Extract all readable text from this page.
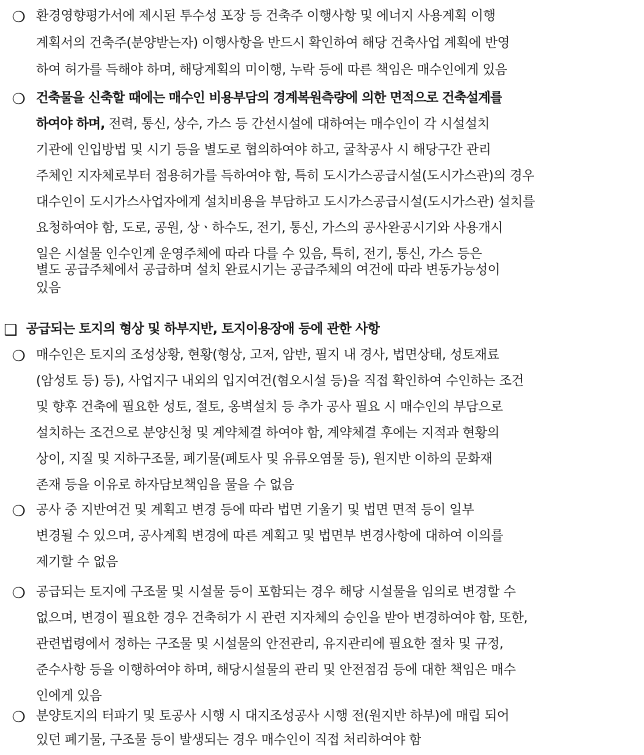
❍ 환경영향평가서에 제시된 투수성 포장 등 건축주 이행사항 및 에너지 사용계획 이행
계획서의 건축주(분양받는자) 이행사항을 반드시 확인하여 해당 건축사업 계획에 반영
하여 허가를 득해야 하며, 해당계획의 미이행, 누락 등에 따른 책임은 매수인에게 있음
❍ 건축물을 신축할 때에는 매수인 비용부담의 경계복원측량에 의한 면적으로 건축설계를
하여야 하며, 전력, 통신, 상수, 가스 등 간선시설에 대하여는 매수인이 각 시설설치
기관에 인입방법 및 시기 등을 별도로 협의하여야 하고, 굴착공사 시 해당구간 관리
주체인 지자체로부터 점용허가를 득하여야 함, 특히 도시가스공급시설(도시가스관)의 경우
대수인이 도시가스사업자에게 설치비용을 부담하고 도시가스공급시설(도시가스관) 설치를
요청하여야 함, 도로, 공원, 상ㆍ하수도, 전기, 통신, 가스의 공사완공시기와 사용개시
일은 시설물 인수인계 운영주체에 따라 다를 수 있음, 특히, 전기, 통신, 가스 등은
별도 공급주체에서 공급하며 설치 완료시기는 공급주체의 여건에 따라 변동가능성이
있음
❑ 공급되는 토지의 형상 및 하부지반, 토지이용장애 등에 관한 사항
❍ 매수인은 토지의 조성상황, 현황(형상, 고저, 암반, 필지 내 경사, 법면상태, 성토재료
(암성토 등) 등), 사업지구 내외의 입지여건(혐오시설 등)을 직접 확인하여 수인하는 조건
및 향후 건축에 필요한 성토, 절토, 옹벽설치 등 추가 공사 필요 시 매수인의 부담으로
설치하는 조건으로 분양신청 및 계약체결 하여야 함, 계약체결 후에는 지적과 현황의
상이, 지질 및 지하구조물, 폐기물(폐토사 및 유류오염물 등), 원지반 이하의 문화재
존재 등을 이유로 하자담보책임을 물을 수 없음
❍ 공사 중 지반여건 및 계획고 변경 등에 따라 법면 기울기 및 법면 면적 등이 일부
변경될 수 있으며, 공사계획 변경에 따른 계획고 및 법면부 변경사항에 대하여 이의를
제기할 수 없음
❍ 공급되는 토지에 구조물 및 시설물 등이 포함되는 경우 해당 시설물을 임의로 변경할 수
없으며, 변경이 필요한 경우 건축허가 시 관련 지자체의 승인을 받아 변경하여야 함, 또한,
관련법령에서 정하는 구조물 및 시설물의 안전관리, 유지관리에 필요한 절차 및 규정,
준수사항 등을 이행하여야 하며, 해당시설물의 관리 및 안전점검 등에 대한 책임은 매수
인에게 있음
❍ 분양토지의 터파기 및 토공사 시행 시 대지조성공사 시행 전(원지반 하부)에 매립 되어
있던 폐기물, 구조물 등이 발생되는 경우 매수인이 직접 처리하여야 함
